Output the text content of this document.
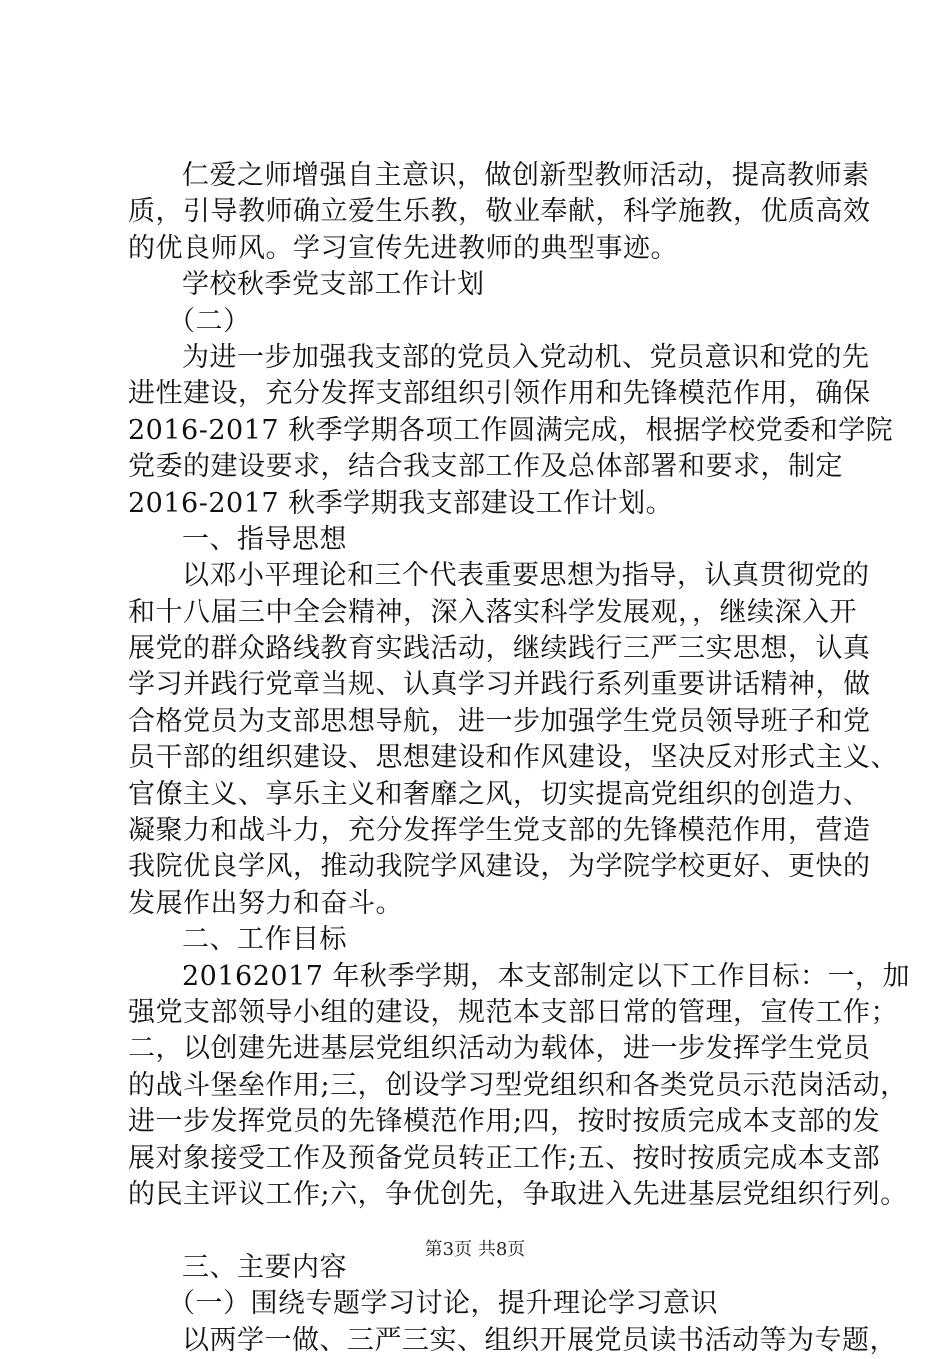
仁爱之师增强自主意识，做创新型教师活动，提高教师素
质，引导教师确立爱生乐教，敬业奉献，科学施教，优质高效
的优良师风。学习宣传先进教师的典型事迹。
学校秋季党支部工作计划
（二）
为进一步加强我支部的党员入党动机、党员意识和党的先
进性建设，充分发挥支部组织引领作用和先锋模范作用，确保
2016-2017 秋季学期各项工作圆满完成，根据学校党委和学院
党委的建设要求，结合我支部工作及总体部署和要求，制定
2016-2017 秋季学期我支部建设工作计划。
一、指导思想
以邓小平理论和三个代表重要思想为指导，认真贯彻党的
和十八届三中全会精神，深入落实科学发展观，，继续深入开
展党的群众路线教育实践活动，继续践行三严三实思想，认真
学习并践行党章当规、认真学习并践行系列重要讲话精神，做
合格党员为支部思想导航，进一步加强学生党员领导班子和党
员干部的组织建设、思想建设和作风建设，坚决反对形式主义、
官僚主义、享乐主义和奢靡之风，切实提高党组织的创造力、
凝聚力和战斗力，充分发挥学生党支部的先锋模范作用，营造
我院优良学风，推动我院学风建设，为学院学校更好、更快的
发展作出努力和奋斗。
二、工作目标
20162017 年秋季学期，本支部制定以下工作目标：一，加
强党支部领导小组的建设，规范本支部日常的管理，宣传工作；
二，以创建先进基层党组织活动为载体，进一步发挥学生党员
的战斗堡垒作用;三，创设学习型党组织和各类党员示范岗活动，
进一步发挥党员的先锋模范作用;四，按时按质完成本支部的发
展对象接受工作及预备党员转正工作;五、按时按质完成本支部
的民主评议工作;六，争优创先，争取进入先进基层党组织行列。
三、主要内容
（一）围绕专题学习讨论，提升理论学习意识
以两学一做、三严三实、组织开展党员读书活动等为专题，
第3页 共8页
